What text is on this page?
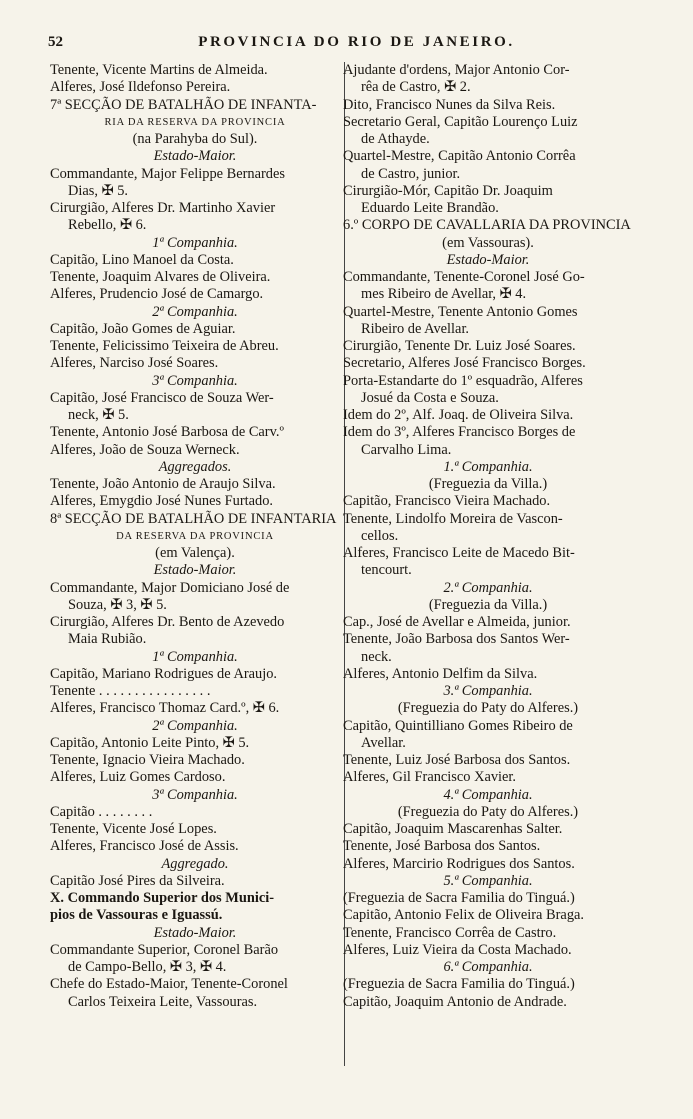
52	PROVINCIA DO RIO DE JANEIRO.
Tenente, Vicente Martins de Almeida.
Alferes, José Ildefonso Pereira.
7ª SECÇÃO DE BATALHÃO DE INFANTA-
RIA DA RESERVA DA PROVINCIA
(na Parahyba do Sul).
Estado-Maior.
Commandante, Major Felippe Bernardes
Dias, ✠ 5.
Cirurgião, Alferes Dr. Martinho Xavier
Rebello, ✠ 6.
1ª Companhia.
Capitão, Lino Manoel da Costa.
Tenente, Joaquim Alvares de Oliveira.
Alferes, Prudencio José de Camargo.
2ª Companhia.
Capitão, João Gomes de Aguiar.
Tenente, Felicissimo Teixeira de Abreu.
Alferes, Narciso José Soares.
3ª Companhia.
Capitão, José Francisco de Souza Wer-
neck, ✠ 5.
Tenente, Antonio José Barbosa de Carv.º
Alferes, João de Souza Werneck.
Aggregados.
Tenente, João Antonio de Araujo Silva.
Alferes, Emygdio José Nunes Furtado.
8ª SECÇÃO DE BATALHÃO DE INFANTARIA
DA RESERVA DA PROVINCIA
(em Valença).
Estado-Maior.
Commandante, Major Domiciano José de
Souza, ✠ 3, ✠ 5.
Cirurgião, Alferes Dr. Bento de Azevedo
Maia Rubião.
1ª Companhia.
Capitão, Mariano Rodrigues de Araujo.
Tenente . . . . . . . . . . . . . . . .
Alferes, Francisco Thomaz Card.º, ✠ 6.
2ª Companhia.
Capitão, Antonio Leite Pinto, ✠ 5.
Tenente, Ignacio Vieira Machado.
Alferes, Luiz Gomes Cardoso.
3ª Companhia.
Capitão . . . . . . . .
Tenente, Vicente José Lopes.
Alferes, Francisco José de Assis.
Aggregado.
Capitão José Pires da Silveira.
X. Commando Superior dos Munici-
pios de Vassouras e Iguassú.
Estado-Maior.
Commandante Superior, Coronel Barão
de Campo-Bello, ✠ 3, ✠ 4.
Chefe do Estado-Maior, Tenente-Coronel
Carlos Teixeira Leite, Vassouras.
Ajudante d'ordens, Major Antonio Cor-
rêa de Castro, ✠ 2.
Dito, Francisco Nunes da Silva Reis.
Secretario Geral, Capitão Lourenço Luiz
de Athayde.
Quartel-Mestre, Capitão Antonio Corrêa
de Castro, junior.
Cirurgião-Mór, Capitão Dr. Joaquim
Eduardo Leite Brandão.
6.º CORPO DE CAVALLARIA DA PROVINCIA
(em Vassouras).
Estado-Maior.
Commandante, Tenente-Coronel José Go-
mes Ribeiro de Avellar, ✠ 4.
Quartel-Mestre, Tenente Antonio Gomes
Ribeiro de Avellar.
Cirurgião, Tenente Dr. Luiz José Soares.
Secretario, Alferes José Francisco Borges.
Porta-Estandarte do 1º esquadrão, Alferes
Josué da Costa e Souza.
Idem do 2º, Alf. Joaq. de Oliveira Silva.
Idem do 3º, Alferes Francisco Borges de
Carvalho Lima.
1.ª Companhia.
(Freguezia da Villa.)
Capitão, Francisco Vieira Machado.
Tenente, Lindolfo Moreira de Vascon-
cellos.
Alferes, Francisco Leite de Macedo Bit-
tencourt.
2.ª Companhia.
(Freguezia da Villa.)
Cap., José de Avellar e Almeida, junior.
Tenente, João Barbosa dos Santos Wer-
neck.
Alferes, Antonio Delfim da Silva.
3.ª Companhia.
(Freguezia do Paty do Alferes.)
Capitão, Quintilliano Gomes Ribeiro de
Avellar.
Tenente, Luiz José Barbosa dos Santos.
Alferes, Gil Francisco Xavier.
4.ª Companhia.
(Freguezia do Paty do Alferes.)
Capitão, Joaquim Mascarenhas Salter.
Tenente, José Barbosa dos Santos.
Alferes, Marcirio Rodrigues dos Santos.
5.ª Companhia.
(Freguezia de Sacra Familia do Tinguá.)
Capitão, Antonio Felix de Oliveira Braga.
Tenente, Francisco Corrêa de Castro.
Alferes, Luiz Vieira da Costa Machado.
6.ª Companhia.
(Freguezia de Sacra Familia do Tinguá.)
Capitão, Joaquim Antonio de Andrade.
